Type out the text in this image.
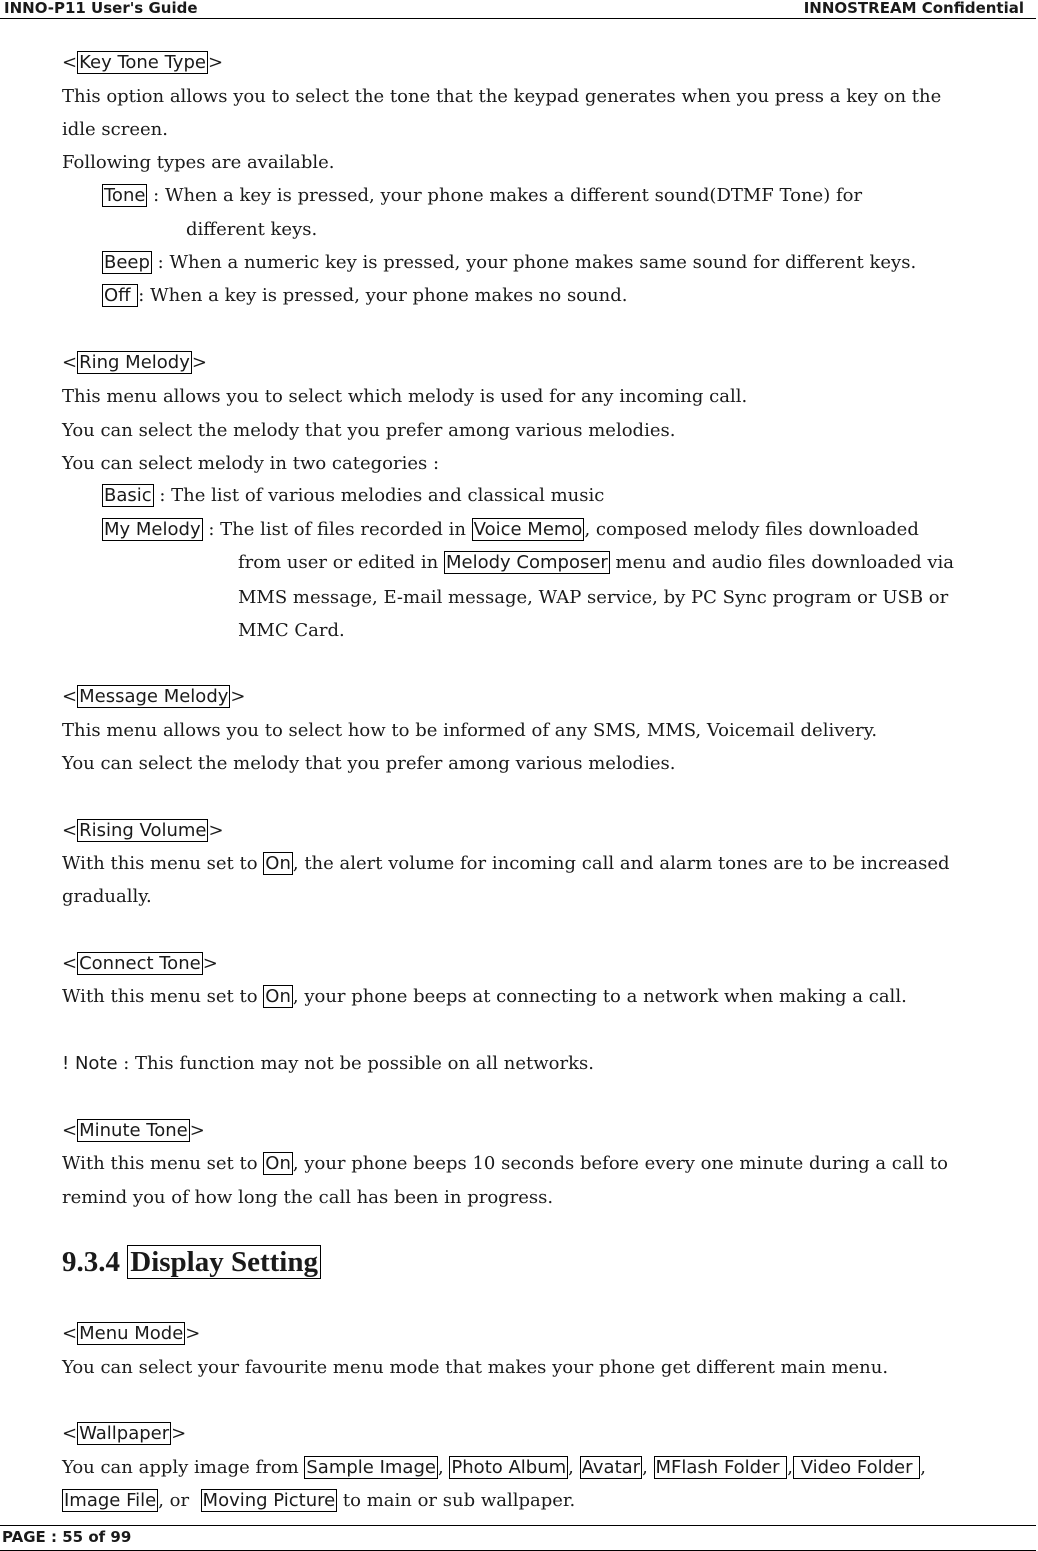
INNO-P11 User's Guide	INNOSTREAM Confidential
< Key Tone Type >
This option allows you to select the tone that the keypad generates when you press a key on the
idle screen.
Following types are available.
Tone : When a key is pressed, your phone makes a different sound(DTMF Tone) for
different keys.
Beep : When a numeric key is pressed, your phone makes same sound for different keys.
Off : When a key is pressed, your phone makes no sound.
< Ring Melody >
This menu allows you to select which melody is used for any incoming call.
You can select the melody that you prefer among various melodies.
You can select melody in two categories :
Basic : The list of various melodies and classical music
My Melody : The list of files recorded in Voice Memo , composed melody files downloaded
from user or edited in Melody Composer menu and audio files downloaded via
MMS message, E-mail message, WAP service, by PC Sync program or USB or
MMC Card.
< Message Melody >
This menu allows you to select how to be informed of any SMS, MMS, Voicemail delivery.
You can select the melody that you prefer among various melodies.
< Rising Volume >
With this menu set to On , the alert volume for incoming call and alarm tones are to be increased
gradually.
< Connect Tone >
With this menu set to On , your phone beeps at connecting to a network when making a call.
! Note : This function may not be possible on all networks.
< Minute Tone >
With this menu set to On , your phone beeps 10 seconds before every one minute during a call to
remind you of how long the call has been in progress.
9.3.4 Display Setting
< Menu Mode >
You can select your favourite menu mode that makes your phone get different main menu.
< Wallpaper >
You can apply image from Sample Image , Photo Album , Avatar , MFlash Folder , Video Folder ,
Image File , or  Moving Picture to main or sub wallpaper.
PAGE : 55 of 99
